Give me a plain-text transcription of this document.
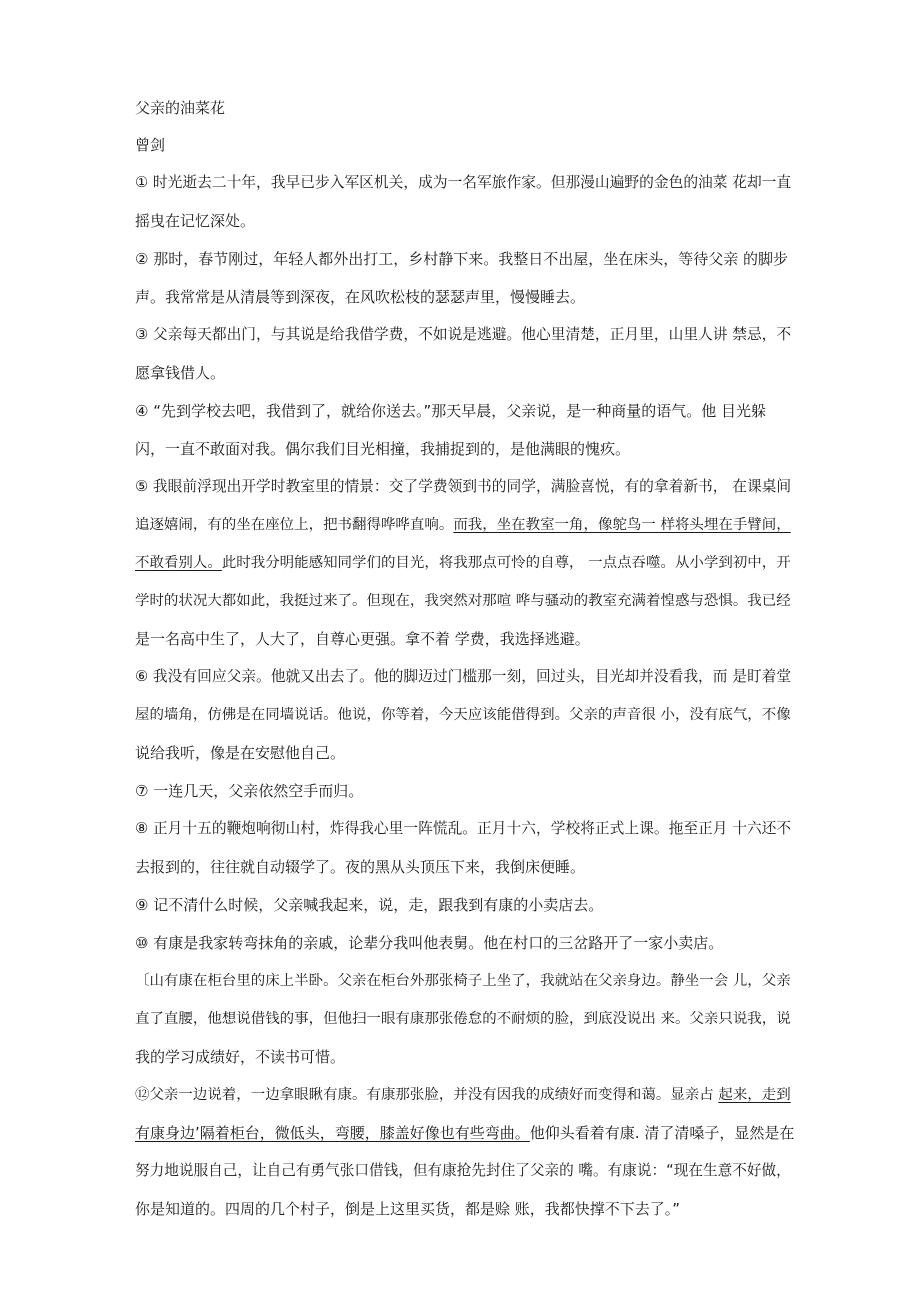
父亲的油菜花
曾剑
① 时光逝去二十年，我早已步入军区机关，成为一名军旅作家。但那漫山遍野的金色的油菜 花却一直
摇曳在记忆深处。
② 那时，春节刚过，年轻人都外出打工，乡村静下来。我整日不出屋，坐在床头，等待父亲 的脚步
声。我常常是从清晨等到深夜，在风吹松枝的瑟瑟声里，慢慢睡去。
③ 父亲每天都出门，与其说是给我借学费，不如说是逃避。他心里清楚，正月里，山里人讲 禁忌，不
愿拿钱借人。
④ “先到学校去吧，我借到了，就给你送去。”那天早晨，父亲说，是一种商量的语气。他 目光躲
闪，一直不敢面对我。偶尔我们目光相撞，我捕捉到的，是他满眼的愧疚。
⑤ 我眼前浮现出开学时教室里的情景：交了学费领到书的同学，满脸喜悦，有的拿着新书， 在课桌间
追逐嬉闹，有的坐在座位上，把书翻得哗哗直响。而我，坐在教室一角，像鸵鸟一 样将头埋在手臂间，
不敢看别人。此时我分明能感知同学们的目光，将我那点可怜的自尊， 一点点吞噬。从小学到初中，开
学时的状况大都如此，我挺过来了。但现在，我突然对那喧 哗与骚动的教室充满着惶惑与恐惧。我已经
是一名高中生了，人大了，自尊心更强。拿不着 学费，我选择逃避。
⑥ 我没有回应父亲。他就又出去了。他的脚迈过门槛那一刻，回过头，目光却并没看我，而 是盯着堂
屋的墙角，仿佛是在同墙说话。他说，你等着，今天应该能借得到。父亲的声音很 小，没有底气，不像
说给我听，像是在安慰他自己。
⑦ 一连几天，父亲依然空手而归。
⑧ 正月十五的鞭炮响彻山村，炸得我心里一阵慌乱。正月十六，学校将正式上课。拖至正月 十六还不
去报到的，往往就自动辍学了。夜的黑从头顶压下来，我倒床便睡。
⑨ 记不清什么时候，父亲喊我起来，说，走，跟我到有康的小卖店去。
⑩ 有康是我家转弯抹角的亲戚，论辈分我叫他表舅。他在村口的三岔路开了一家小卖店。
〔山有康在柜台里的床上半卧。父亲在柜台外那张椅子上坐了，我就站在父亲身边。静坐一会 儿，父亲
直了直腰，他想说借钱的事，但他扫一眼有康那张倦怠的不耐烦的脸，到底没说出 来。父亲只说我，说
我的学习成绩好，不读书可惜。
⑫父亲一边说着，一边拿眼瞅有康。有康那张脸，并没有因我的成绩好而变得和蔼。显亲占 起来，走到
有康身边’隔着柜台，微低头，弯腰，膝盖好像也有些弯曲。他仰头看着有康. 清了清嗓子，显然是在
努力地说服自己，让自己有勇气张口借钱，但有康抢先封住了父亲的 嘴。有康说：“现在生意不好做，
你是知道的。四周的几个村子，倒是上这里买货，都是赊 账，我都快撑不下去了。”
